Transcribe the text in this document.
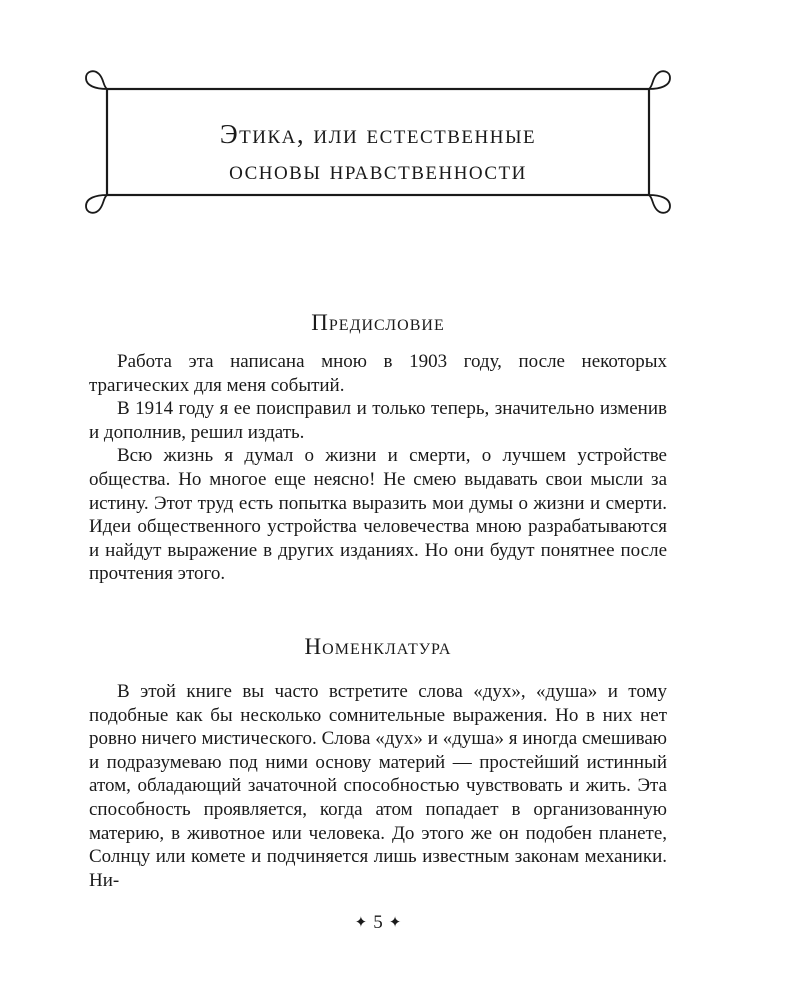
Этика, или естественные
основы нравственности
Предисловие

Работа эта написана мною в 1903 году, после некоторых трагических для меня событий.

В 1914 году я ее поисправил и только теперь, значительно изменив и дополнив, решил издать.

Всю жизнь я думал о жизни и смерти, о лучшем устройстве общества. Но многое еще неясно! Не смею выдавать свои мысли за истину. Этот труд есть попытка выразить мои думы о жизни и смерти. Идеи общественного устройства человечества мною разрабатываются и найдут выражение в других изданиях. Но они будут понятнее после прочтения этого.

Номенклатура

В этой книге вы часто встретите слова «дух», «душа» и тому подобные как бы несколько сомнительные выражения. Но в них нет ровно ничего мистического. Слова «дух» и «душа» я иногда смешиваю и подразумеваю под ними основу материй — простейший истинный атом, обладающий зачаточной способностью чувствовать и жить. Эта способность проявляется, когда атом попадает в организованную материю, в животное или человека. До этого же он подобен планете, Солнцу или комете и подчиняется лишь известным законам механики. Ни-

✦ 5 ✦
